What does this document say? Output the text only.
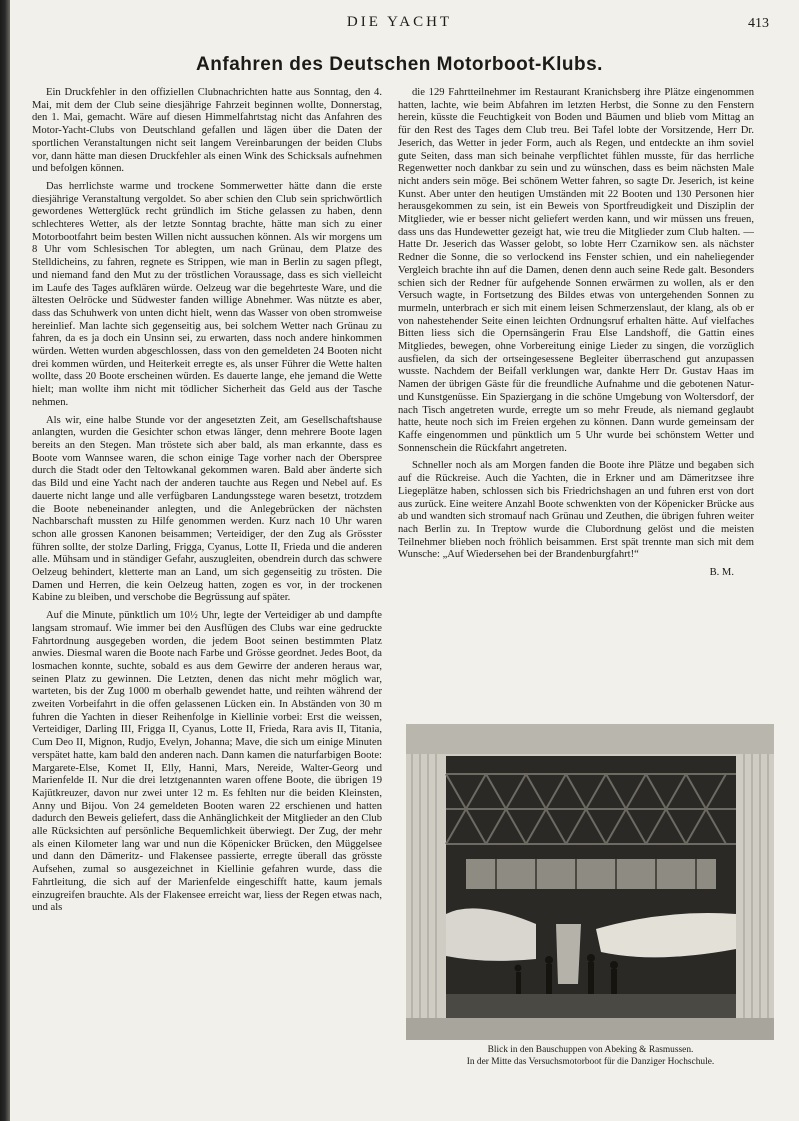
DIE YACHT	413
Anfahren des Deutschen Motorboot-Klubs.

Ein Druckfehler in den offiziellen Clubnachrichten hatte aus Sonntag, den 4. Mai, mit dem der Club seine diesjährige Fahrzeit beginnen wollte, Donnerstag, den 1. Mai, gemacht. Wäre auf diesen Himmelfahrtstag nicht das Anfahren des Motor-Yacht-Clubs von Deutschland gefallen und lägen über die Daten der sportlichen Veranstaltungen nicht seit langem Vereinbarungen der beiden Clubs vor, dann hätte man diesen Druckfehler als einen Wink des Schicksals aufnehmen und befolgen können.

Das herrlichste warme und trockene Sommerwetter hätte dann die erste diesjährige Veranstaltung vergoldet. So aber schien den Club sein sprichwörtlich gewordenes Wetterglück recht gründlich im Stiche gelassen zu haben, denn schlechteres Wetter, als der letzte Sonntag brachte, hätte man sich zu einer Motorbootfahrt beim besten Willen nicht aussuchen können. Als wir morgens um 8 Uhr vom Schlesischen Tor ablegten, um nach Grünau, dem Platze des Stelldicheins, zu fahren, regnete es Strippen, wie man in Berlin zu sagen pflegt, und niemand fand den Mut zu der tröstlichen Voraussage, dass es sich vielleicht im Laufe des Tages aufklären würde. Oelzeug war die begehrteste Ware, und die ältesten Oelröcke und Südwester fanden willige Abnehmer. Was nützte es aber, dass das Schuhwerk von unten dicht hielt, wenn das Wasser von oben stromweise hereinlief. Man lachte sich gegenseitig aus, bei solchem Wetter nach Grünau zu fahren, da es ja doch ein Unsinn sei, zu erwarten, dass noch andere hinkommen würden. Wetten wurden abgeschlossen, dass von den gemeldeten 24 Booten nicht drei kommen würden, und Heiterkeit erregte es, als unser Führer die Wette halten wollte, dass 20 Boote erscheinen würden. Es dauerte lange, ehe jemand die Wette hielt; man wollte ihm nicht mit tödlicher Sicherheit das Geld aus der Tasche nehmen.

Als wir, eine halbe Stunde vor der angesetzten Zeit, am Gesellschaftshause anlangten, wurden die Gesichter schon etwas länger, denn mehrere Boote lagen bereits an den Stegen. Man tröstete sich aber bald, als man erkannte, dass es Boote vom Wannsee waren, die schon einige Tage vorher nach der Oberspree durch die Stadt oder den Teltowkanal gekommen waren. Bald aber änderte sich das Bild und eine Yacht nach der anderen tauchte aus Regen und Nebel auf. Es dauerte nicht lange und alle verfügbaren Landungsstege waren besetzt, trotzdem die Boote nebeneinander anlegten, und die Anlegebrücken der nächsten Nachbarschaft mussten zu Hilfe genommen werden. Kurz nach 10 Uhr waren schon alle grossen Kanonen beisammen; Verteidiger, der den Zug als Grösster führen sollte, der stolze Darling, Frigga, Cyanus, Lotte II, Frieda und die anderen alle. Mühsam und in ständiger Gefahr, auszugleiten, obendrein durch das schwere Oelzeug behindert, kletterte man an Land, um sich gegenseitig zu trösten. Die Damen und Herren, die kein Oelzeug hatten, zogen es vor, in der trockenen Kabine zu bleiben, und verschobe die Begrüssung auf später.

Auf die Minute, pünktlich um 10½ Uhr, legte der Verteidiger ab und dampfte langsam stromauf. Wie immer bei den Ausflügen des Clubs war eine gedruckte Fahrtordnung ausgegeben worden, die jedem Boot seinen bestimmten Platz anwies. Diesmal waren die Boote nach Farbe und Grösse geordnet. Jedes Boot, da losmachen konnte, suchte, sobald es aus dem Gewirre der anderen heraus war, seinen Platz zu gewinnen. Die Letzten, denen das nicht mehr möglich war, warteten, bis der Zug 1000 m oberhalb gewendet hatte, und reihten während der zweiten Vorbeifahrt in die offen gelassenen Lücken ein. In Abständen von 30 m fuhren die Yachten in dieser Reihenfolge in Kiellinie vorbei: Erst die weissen, Verteidiger, Darling III, Frigga II, Cyanus, Lotte II, Frieda, Rara avis II, Titania, Cum Deo II, Mignon, Rudjo, Evelyn, Johanna; Mave, die sich um einige Minuten verspätet hatte, kam bald den anderen nach. Dann kamen die naturfarbigen Boote: Margarete-Else, Komet II, Elly, Hanni, Mars, Nereide, Walter-Georg und Marienfelde II. Nur die drei letztgenannten waren offene Boote, die übrigen 19 Kajütkreuzer, davon nur zwei unter 12 m. Es fehlten nur die beiden Kleinsten, Anny und Bijou. Von 24 gemeldeten Booten waren 22 erschienen und hatten dadurch den Beweis geliefert, dass die Anhänglichkeit der Mitglieder an den Club alle Rücksichten auf persönliche Bequemlichkeit überwiegt. Der Zug, der mehr als einen Kilometer lang war und nun die Köpenicker Brücken, den Müggelsee und dann den Dämeritz- und Flakensee passierte, erregte überall das grösste Aufsehen, zumal so ausgezeichnet in Kiellinie gefahren wurde, dass die Fahrtleitung, die sich auf der Marienfelde eingeschifft hatte, kaum jemals einzugreifen brauchte. Als der Flakensee erreicht war, liess der Regen etwas nach, und als

die 129 Fahrtteilnehmer im Restaurant Kranichsberg ihre Plätze eingenommen hatten, lachte, wie beim Abfahren im letzten Herbst, die Sonne zu den Fenstern herein, küsste die Feuchtigkeit von Boden und Bäumen und blieb vom Mittag an für den Rest des Tages dem Club treu. Bei Tafel lobte der Vorsitzende, Herr Dr. Jeserich, das Wetter in jeder Form, auch als Regen, und entdeckte an ihm soviel gute Seiten, dass man sich beinahe verpflichtet fühlen musste, für das herrliche Regenwetter noch dankbar zu sein und zu wünschen, dass es beim nächsten Male nicht anders sein möge. Bei schönem Wetter fahren, so sagte Dr. Jeserich, ist keine Kunst. Aber unter den heutigen Umständen mit 22 Booten und 130 Personen hier herausgekommen zu sein, ist ein Beweis von Sportfreudigkeit und Disziplin der Mitglieder, wie er besser nicht geliefert werden kann, und wir müssen uns freuen, dass uns das Hundewetter gezeigt hat, wie treu die Mitglieder zum Club halten. — Hatte Dr. Jeserich das Wasser gelobt, so lobte Herr Czarnikow sen. als nächster Redner die Sonne, die so verlockend ins Fenster schien, und ein naheliegender Vergleich brachte ihn auf die Damen, denen denn auch seine Rede galt. Besonders schien sich der Redner für aufgehende Sonnen erwärmen zu wollen, als er den Versuch wagte, in Fortsetzung des Bildes etwas von untergehenden Sonnen zu murmeln, unterbrach er sich mit einem leisen Schmerzenslaut, der klang, als ob er von nahestehender Seite einen leichten Ordnungsruf erhalten hätte. Auf vielfaches Bitten liess sich die Opernsängerin Frau Else Landshoff, die Gattin eines Mitgliedes, bewegen, ohne Vorbereitung einige Lieder zu singen, die vorzüglich ausfielen, da sich der ortseingesessene Begleiter überraschend gut anzupassen wusste. Nachdem der Beifall verklungen war, dankte Herr Dr. Gustav Haas im Namen der übrigen Gäste für die freundliche Aufnahme und die gebotenen Natur- und Kunstgenüsse. Ein Spaziergang in die schöne Umgebung von Woltersdorf, der nach Tisch angetreten wurde, erregte um so mehr Freude, als niemand geglaubt hatte, heute noch sich im Freien ergehen zu können. Dann wurde gemeinsam der Kaffe eingenommen und pünktlich um 5 Uhr wurde bei schönstem Wetter und Sonnenschein die Rückfahrt angetreten.

Schneller noch als am Morgen fanden die Boote ihre Plätze und begaben sich auf die Rückreise. Auch die Yachten, die in Erkner und am Dämeritzsee ihre Liegeplätze haben, schlossen sich bis Friedrichshagen an und fuhren erst von dort aus zurück. Eine weitere Anzahl Boote schwenkten von der Köpenicker Brücke aus ab und wandten sich stromauf nach Grünau und Zeuthen, die übrigen fuhren weiter nach Berlin zu. In Treptow wurde die Clubordnung gelöst und die meisten Teilnehmer blieben noch fröhlich beisammen. Erst spät trennte man sich mit dem Wunsche: „Auf Wiedersehen bei der Brandenburgfahrt!“

B. M.
Blick in den Bauschuppen von Abeking & Rasmussen.
In der Mitte das Versuchsmotorboot für die Danziger Hochschule.
